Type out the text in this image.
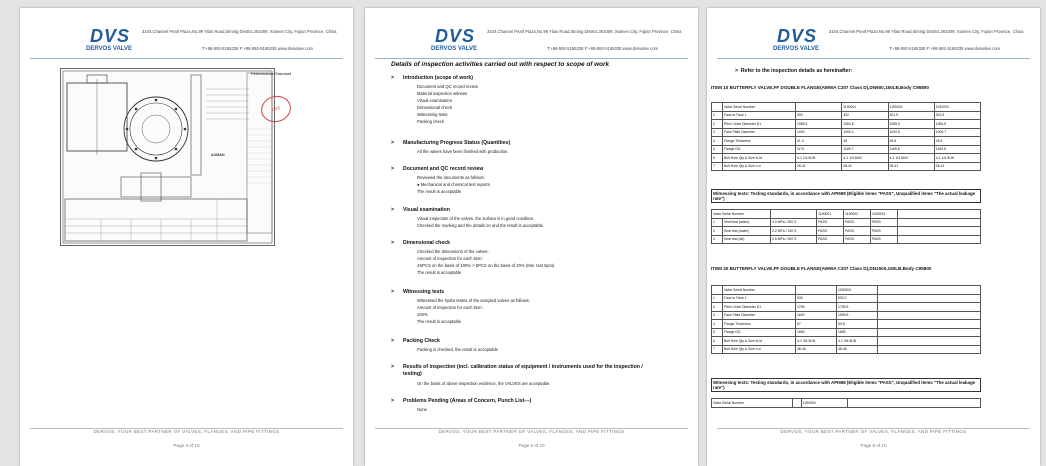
DVS
DERVOS VALVE
3104,Channel Pearl Plaza,No.99 Yilan Road,Siming District,361009, Xiamen City, Fujian Province, China
T:+86-592-5165336 F:+86-592-5165335 www.dvsvalve.com
Performance Standard
DVS
AOMAN
DERVOS, YOUR BEST PARTNER OF VALVES, FLANGES, AND PIPE FITTINGS
Page 4 of 10
DVS
DERVOS VALVE
3104,Channel Pearl Plaza,No.99 Yilan Road,Siming District,361009, Xiamen City, Fujian Province, China
T:+86-592-5165336 F:+86-592-5165335 www.dvsvalve.com
Details of inspection activities carried out with respect to scope of work
> Introduction (scope of work)
Document and QC record review
Material inspection witness
Visual examination
Dimensional check
Witnessing tests
Packing check
> Manufacturing Progress Status (Quantities)
All the valves have been finished with production.
> Document and QC record review
Reviewed the documents as follows:
● Mechanical and chemical test reports
The result is acceptable
> Visual examination
Visual inspection of the valves, the surface is in good condition.
Checked the marking and the details on and the result is acceptable.
> Dimensional check
Checked the dimensions of the valves :
Amount of inspection for each item:
4SPCS on the basis of 100% > 5PCS on the basis of 20% (Min. test 5pcs)
The result is acceptable
> Witnessing tests
Witnessed the hydro testes of the sampled valves as follows:
Amount of inspection for each item:
100%
The result is acceptable
> Packing Check
Packing is checked, the result is acceptable
> Results of inspection (incl. calibration status of equipment / instruments used for the inspection / testing)
On the basis of above inspection evidence, the VALVES are acceptable.
> Problems Pending (Areas of Concern, Punch List---)
None
DERVOS, YOUR BEST PARTNER OF VALVES, FLANGES, AND PIPE FITTINGS
Page 5 of 10
DVS
DERVOS VALVE
3104,Channel Pearl Plaza,No.99 Yilan Road,Siming District,361009, Xiamen City, Fujian Province, China
T:+86-592-5165336 F:+86-592-5165335 www.dvsvalve.com
>  Refer to the inspection details as hereinafter:
ITEM 10 BUTTERFLY VALVE,FF DOUBLE FLANGE(AWWA C207 Class D),DN900,150LB,Body C95800
	Valve Serial Number		1190001	1190002	1190003
1	Face to Face L	300	302	301.9	301.8
2	Pitch Circle Diameter D1	1085.5	1084.8	1085.5	1084.5
3	Face Plate Diameter	1000	1000.2	1000.8	1000.7
4	Flange Thickness	41.3	45	45.8	45.8
5	Flange OD	1170	1169.7	1169.8	1169.8
6	Bolt Hole Qty & Size N-M	4-1 1/4 8UN	4-1 1/4 8UN	4-1 1/4 8UN	4-1 1/4 8UN
7	Bolt Hole Qty & Size n-d	28-41	28-41	28-41	28-41
Witnessing tests: Testing standards, in accordance with API598 (Eligible items "PASS", Unqualified items "The actual leakage rate")
Valve Serial Number			1190001	1190002	1190003	
1	Shell test (water)	3.0 MPa / 300 S	PASS	PASS	PASS	
2	Seat test (water)	2.2 MPa / 240 S	PASS	PASS	PASS	
3	Seat test (air)	0.6 MPa / 300 S	PASS	PASS	PASS	
ITEM 20 BUTTERFLY VALVE,FF DOUBLE FLANGE(AWWA C207 Class D),DN1500,150LB,Body C95800
	Valve Serial Number		1190004	
1	Face to Face L	530	533.2	
2	Pitch Circle Diameter D1	1759	1759.5	
3	Face Plate Diameter	1600	1599.8	
4	Flange Thickness	57	59.8	
5	Flange OD	1855	1855	
6	Bolt Hole Qty & Size N-M	4-1 3/4 8UN	4-1 3/4 8UN	
7	Bolt Hole Qty & Size n-d	48-48	48-48	
Witnessing tests: Testing standards, in accordance with API598 (Eligible items "PASS", Unqualified items "The actual leakage rate")
Valve Serial Number		1190004	
DERVOS, YOUR BEST PARTNER OF VALVES, FLANGES, AND PIPE FITTINGS
Page 6 of 10
